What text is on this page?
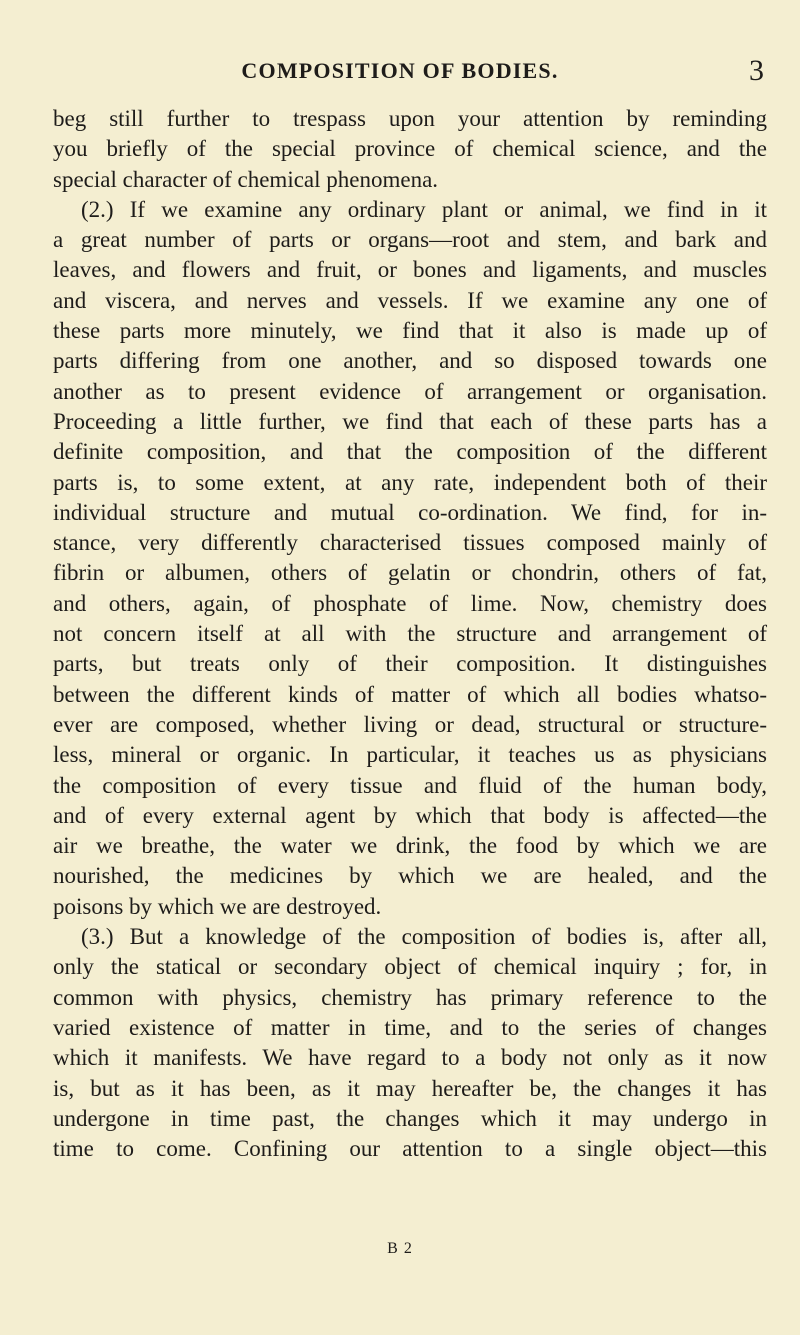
COMPOSITION OF BODIES.	3
beg still further to trespass upon your attention by reminding
you briefly of the special province of chemical science, and the
special character of chemical phenomena.
(2.) If we examine any ordinary plant or animal, we find in it
a great number of parts or organs—root and stem, and bark and
leaves, and flowers and fruit, or bones and ligaments, and muscles
and viscera, and nerves and vessels. If we examine any one of
these parts more minutely, we find that it also is made up of
parts differing from one another, and so disposed towards one
another as to present evidence of arrangement or organisation.
Proceeding a little further, we find that each of these parts has a
definite composition, and that the composition of the different
parts is, to some extent, at any rate, independent both of their
individual structure and mutual co-ordination. We find, for in-
stance, very differently characterised tissues composed mainly of
fibrin or albumen, others of gelatin or chondrin, others of fat,
and others, again, of phosphate of lime. Now, chemistry does
not concern itself at all with the structure and arrangement of
parts, but treats only of their composition. It distinguishes
between the different kinds of matter of which all bodies whatso-
ever are composed, whether living or dead, structural or structure-
less, mineral or organic. In particular, it teaches us as physicians
the composition of every tissue and fluid of the human body,
and of every external agent by which that body is affected—the
air we breathe, the water we drink, the food by which we are
nourished, the medicines by which we are healed, and the
poisons by which we are destroyed.
(3.) But a knowledge of the composition of bodies is, after all,
only the statical or secondary object of chemical inquiry ; for, in
common with physics, chemistry has primary reference to the
varied existence of matter in time, and to the series of changes
which it manifests. We have regard to a body not only as it now
is, but as it has been, as it may hereafter be, the changes it has
undergone in time past, the changes which it may undergo in
time to come. Confining our attention to a single object—this
B 2
